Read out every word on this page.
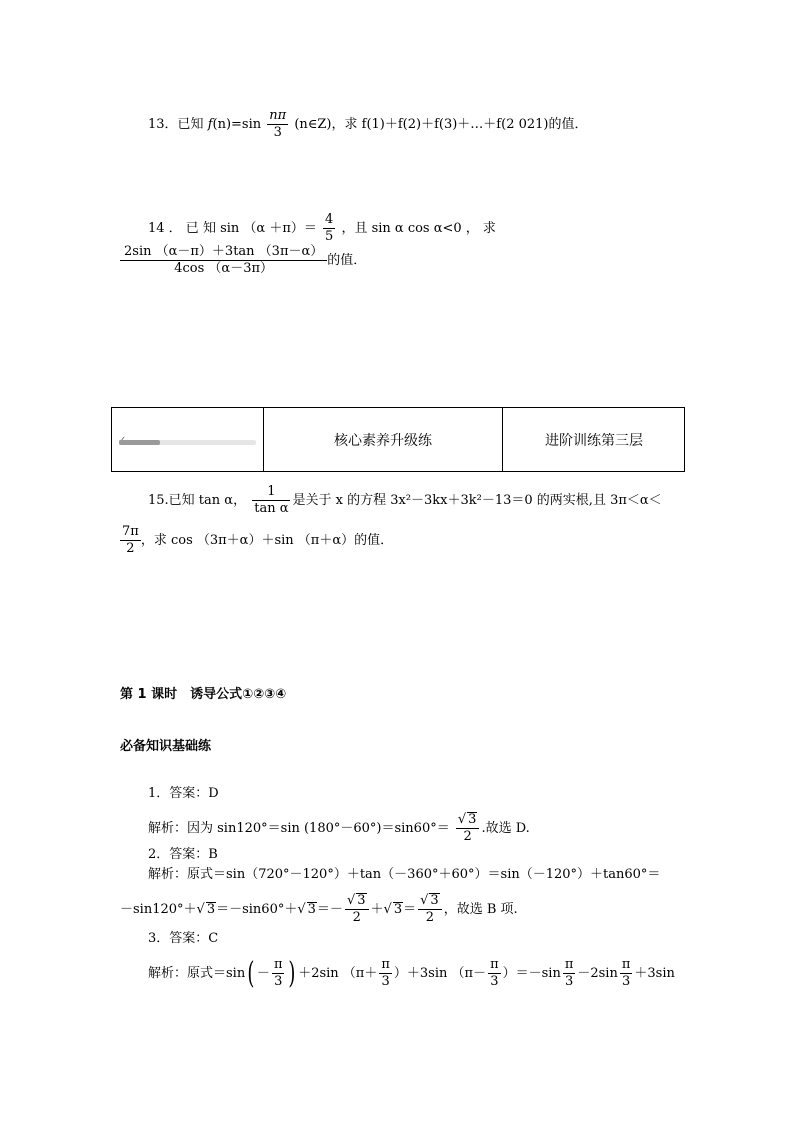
13．已知 $f(n)=\sin \frac{n\pi}{3}$ (n∈Z)，求 f(1)＋f(2)＋f(3)＋…＋f(2 021)的值．
14 ． 已 知 $\sin (\alpha +\pi)= \frac{4}{5}$ ，且 sin α cos α<0 ， 求
$\frac{2\sin (\alpha-\pi)+3\tan (3\pi-\alpha)}{4\cos (\alpha-3\pi)}$ 的值．
核心素养升级练	进阶训练第三层
15.已知 tan α， $\frac{1}{\text{tan α}}$ 是关于 x 的方程 3x²－3kx＋3k²－13＝0 的两实根,且 3π＜α＜
$\frac{7\pi}{2}$ ，求 cos （3π＋α）＋sin （π＋α）的值．
第 1 课时　诱导公式①②③④
必备知识基础练
1．答案：D
解析：因为 sin120°＝sin $(180^\circ-60^\circ)=\sin 60^\circ= \frac{√ 3}{2}$ .故选 D.
2．答案：B
解析：原式＝sin（720°－120°）＋tan（－360°＋60°）＝sin（－120°）＋tan60°＝
－sin120°＋√ 3＝－sin60°＋√ $3=- \frac{√ 3}{2}$ ＋√ $3= \frac{√ 3}{2}$ ，故选 B 项.
3．答案：C
解析：原式$=\sin( - \frac{\pi}{3}$ ) ＋2sin $(\pi+ \frac{\pi}{3} )+3\sin$ $(\pi- \frac{\pi}{3} )=-\sin \frac{\pi}{3} -2\sin \frac{\pi}{3} +3\sin$
